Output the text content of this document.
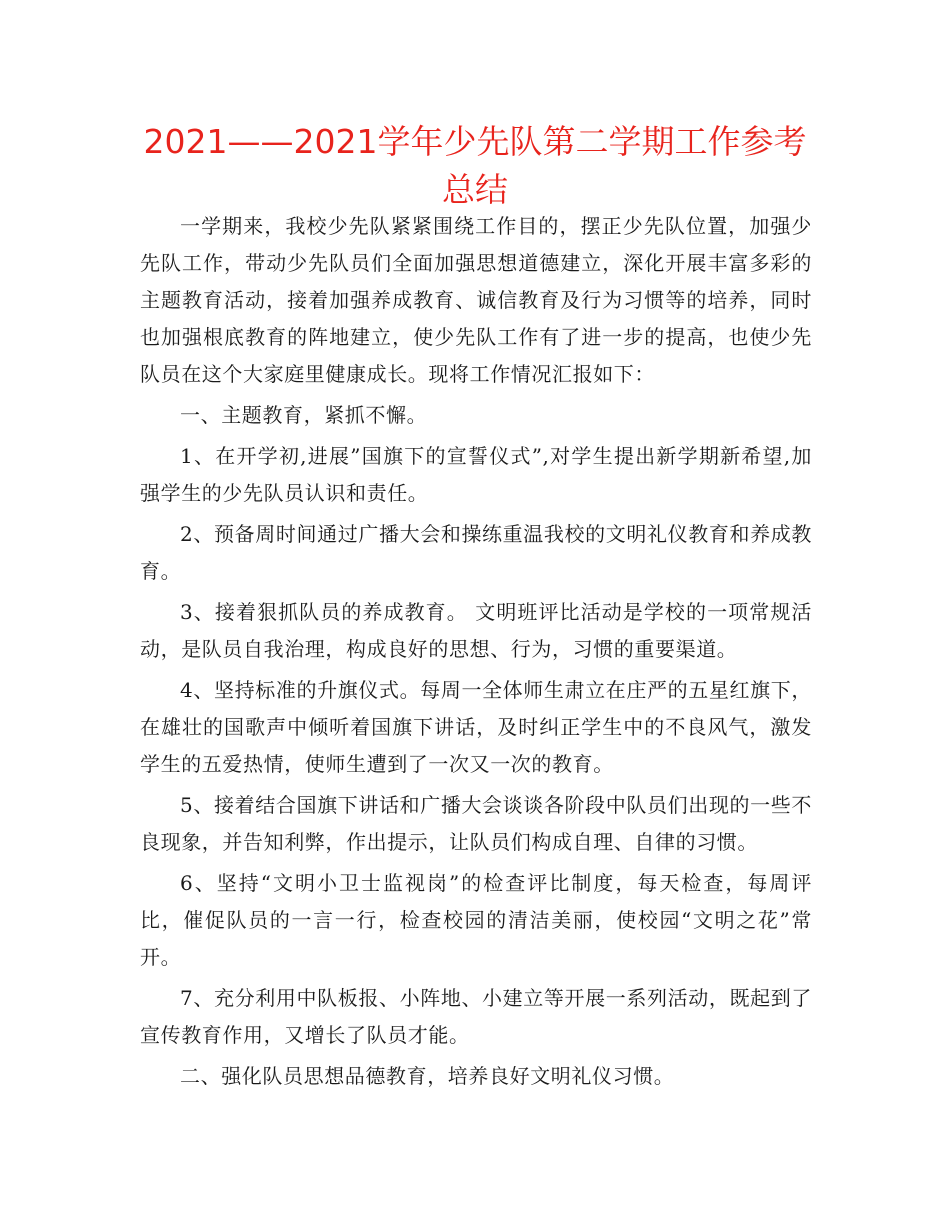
2021——2021学年少先队第二学期工作参考总结

一学期来，我校少先队紧紧围绕工作目的，摆正少先队位置，加强少先队工作，带动少先队员们全面加强思想道德建立，深化开展丰富多彩的主题教育活动，接着加强养成教育、诚信教育及行为习惯等的培养，同时也加强根底教育的阵地建立，使少先队工作有了进一步的提高，也使少先队员在这个大家庭里健康成长。现将工作情况汇报如下：

一、主题教育，紧抓不懈。

1、在开学初,进展”国旗下的宣誓仪式”,对学生提出新学期新希望,加强学生的少先队员认识和责任。

2、预备周时间通过广播大会和操练重温我校的文明礼仪教育和养成教育。

3、接着狠抓队员的养成教育。 文明班评比活动是学校的一项常规活动，是队员自我治理，构成良好的思想、行为，习惯的重要渠道。

4、坚持标准的升旗仪式。每周一全体师生肃立在庄严的五星红旗下，在雄壮的国歌声中倾听着国旗下讲话，及时纠正学生中的不良风气，激发学生的五爱热情，使师生遭到了一次又一次的教育。

5、接着结合国旗下讲话和广播大会谈谈各阶段中队员们出现的一些不良现象，并告知利弊，作出提示，让队员们构成自理、自律的习惯。

6、坚持“文明小卫士监视岗”的检查评比制度，每天检查，每周评比，催促队员的一言一行，检查校园的清洁美丽，使校园“文明之花”常开。

7、充分利用中队板报、小阵地、小建立等开展一系列活动，既起到了宣传教育作用，又增长了队员才能。

二、强化队员思想品德教育，培养良好文明礼仪习惯。
